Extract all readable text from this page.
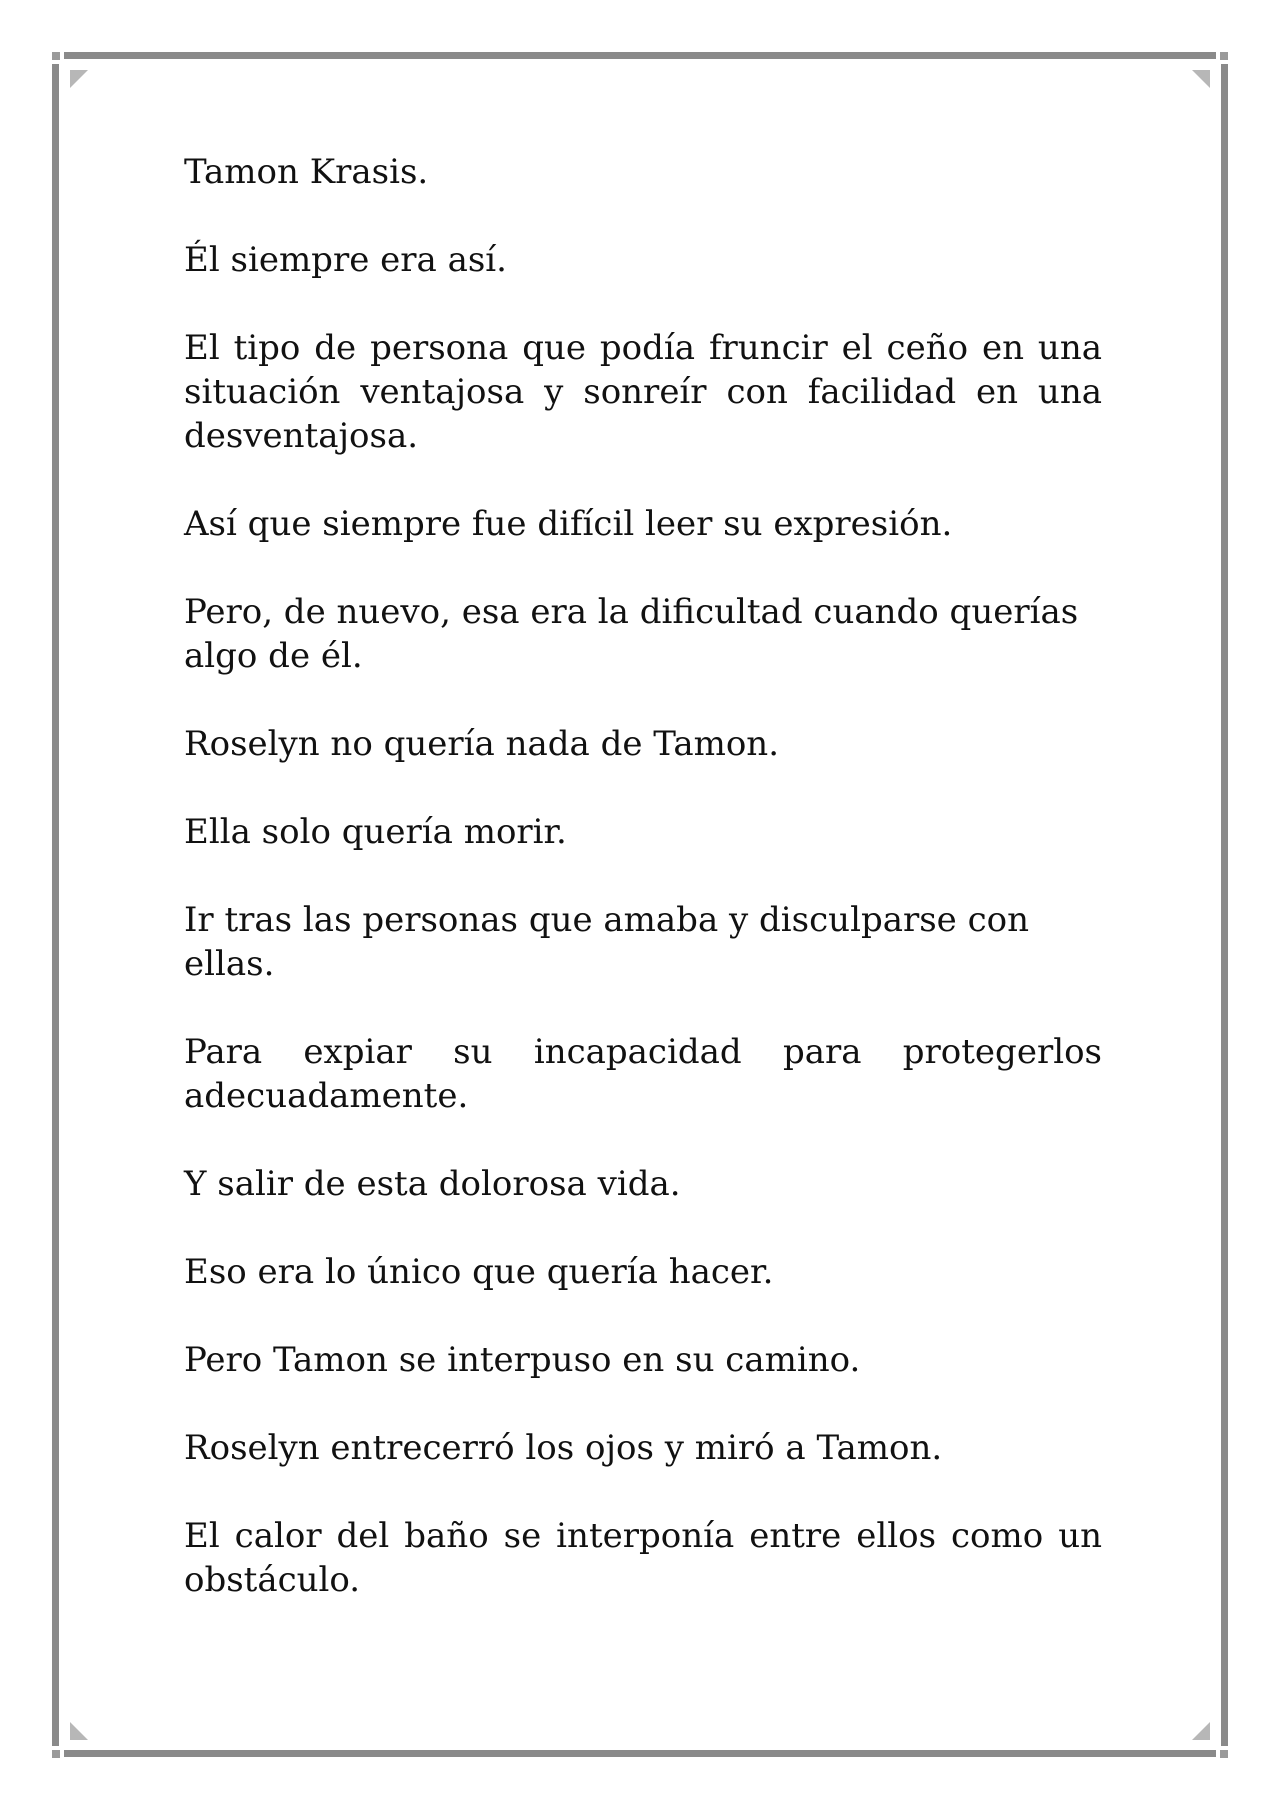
Tamon Krasis.

Él siempre era así.

El tipo de persona que podía fruncir el ceño en una situación ventajosa y sonreír con facilidad en una desventajosa.

Así que siempre fue difícil leer su expresión.

Pero, de nuevo, esa era la dificultad cuando querías algo de él.

Roselyn no quería nada de Tamon.

Ella solo quería morir.

Ir tras las personas que amaba y disculparse con ellas.

Para expiar su incapacidad para protegerlos adecuadamente.

Y salir de esta dolorosa vida.

Eso era lo único que quería hacer.

Pero Tamon se interpuso en su camino.

Roselyn entrecerró los ojos y miró a Tamon.

El calor del baño se interponía entre ellos como un obstáculo.
